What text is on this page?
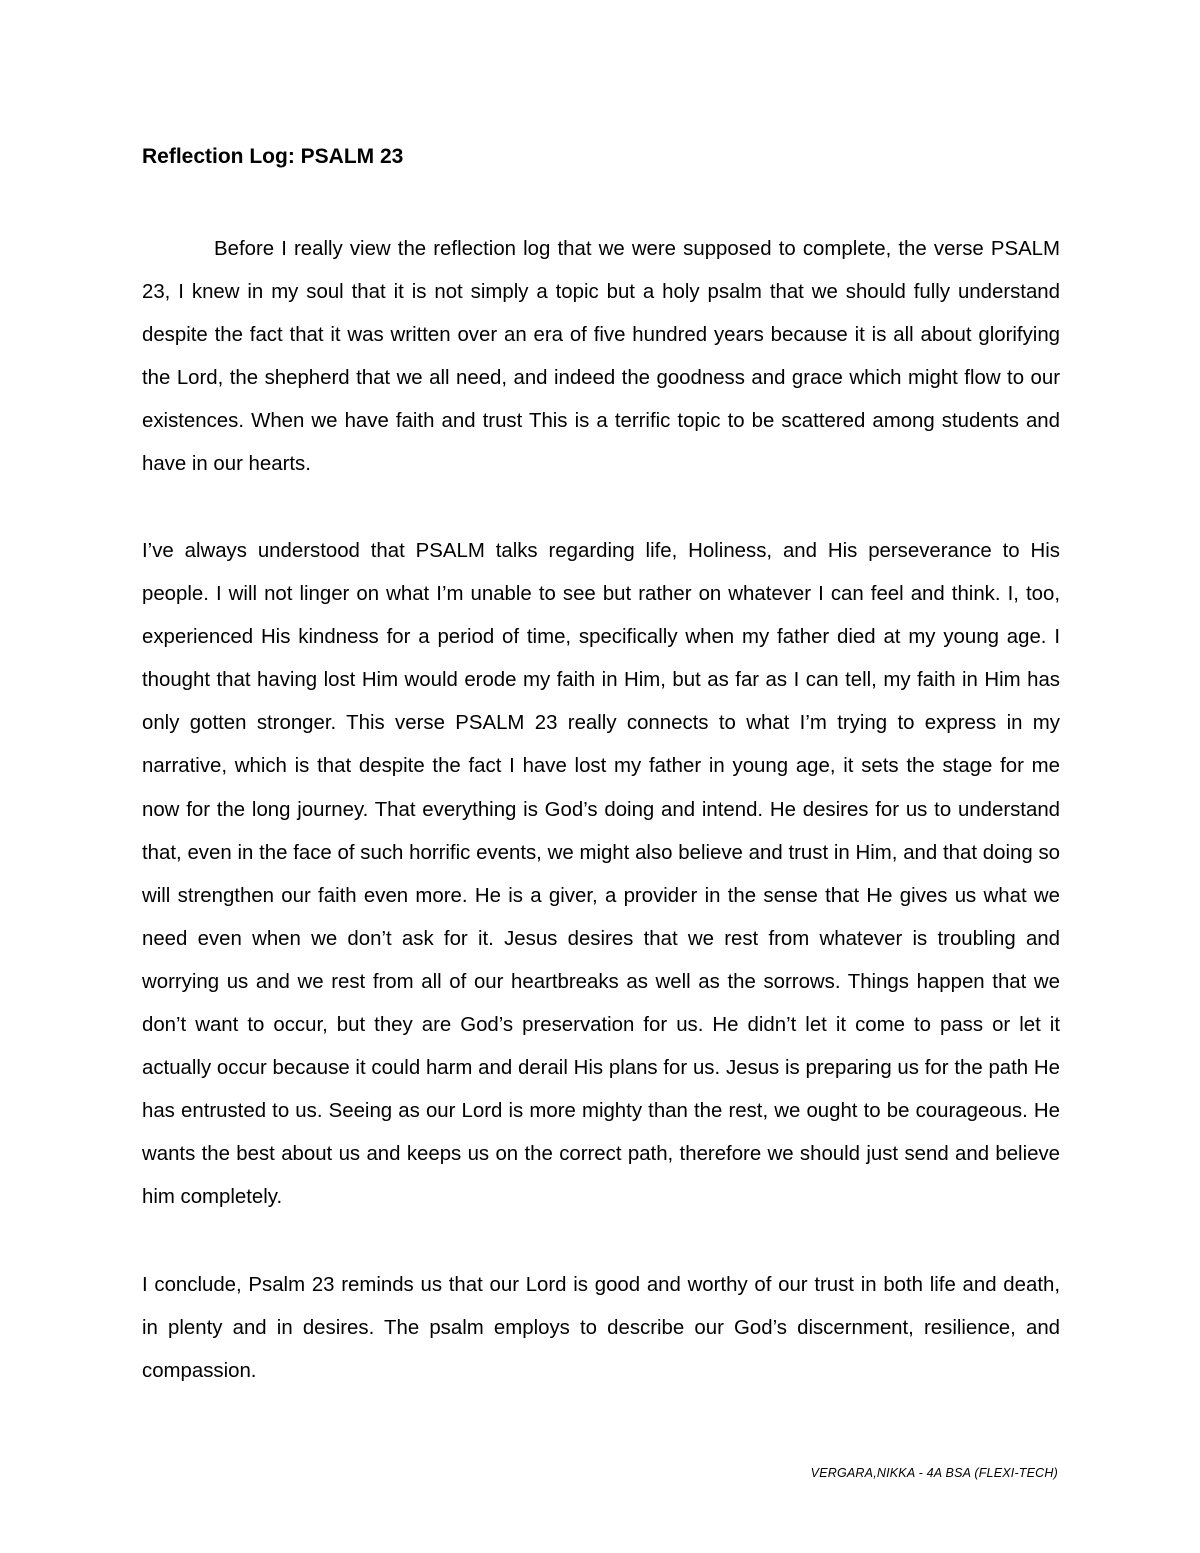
Reflection Log: PSALM 23

Before I really view the reflection log that we were supposed to complete, the verse PSALM 23, I knew in my soul that it is not simply a topic but a holy psalm that we should fully understand despite the fact that it was written over an era of five hundred years because it is all about glorifying the Lord, the shepherd that we all need, and indeed the goodness and grace which might flow to our existences. When we have faith and trust This is a terrific topic to be scattered among students and have in our hearts.

I’ve always understood that PSALM talks regarding life, Holiness, and His perseverance to His people. I will not linger on what I’m unable to see but rather on whatever I can feel and think. I, too, experienced His kindness for a period of time, specifically when my father died at my young age. I thought that having lost Him would erode my faith in Him, but as far as I can tell, my faith in Him has only gotten stronger. This verse PSALM 23 really connects to what I’m trying to express in my narrative, which is that despite the fact I have lost my father in young age, it sets the stage for me now for the long journey. That everything is God’s doing and intend. He desires for us to understand that, even in the face of such horrific events, we might also believe and trust in Him, and that doing so will strengthen our faith even more. He is a giver, a provider in the sense that He gives us what we need even when we don’t ask for it. Jesus desires that we rest from whatever is troubling and worrying us and we rest from all of our heartbreaks as well as the sorrows. Things happen that we don’t want to occur, but they are God’s preservation for us. He didn’t let it come to pass or let it actually occur because it could harm and derail His plans for us. Jesus is preparing us for the path He has entrusted to us. Seeing as our Lord is more mighty than the rest, we ought to be courageous. He wants the best about us and keeps us on the correct path, therefore we should just send and believe him completely.

I conclude, Psalm 23 reminds us that our Lord is good and worthy of our trust in both life and death, in plenty and in desires. The psalm employs to describe our God’s discernment, resilience, and compassion.

VERGARA,NIKKA - 4A BSA (FLEXI-TECH)
